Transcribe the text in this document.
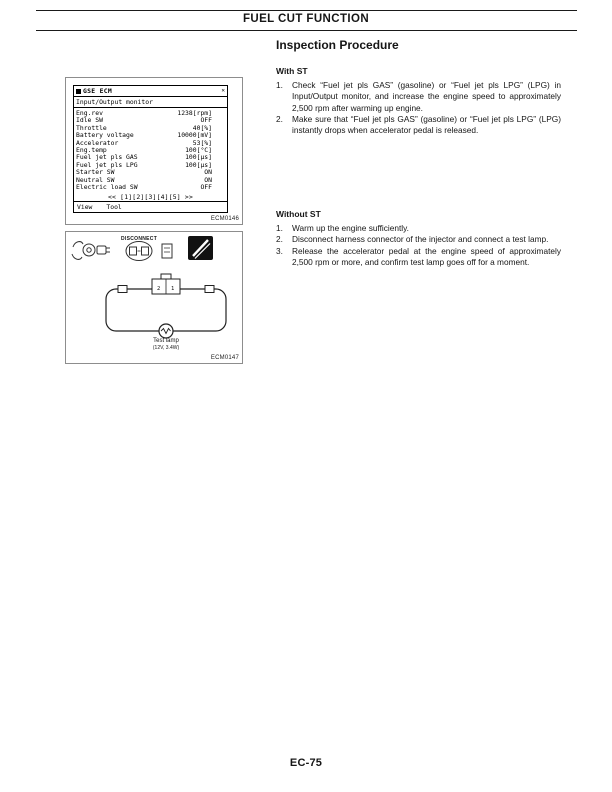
FUEL CUT FUNCTION
GSE ECM	✕
Input/Output monitor
Eng.rev	1238[rpm]
Idle SW	OFF
Throttle	40[%]
Battery voltage	10000[mV]
Accelerator	53[%]
Eng.temp	100[°C]
Fuel jet pls GAS	100[μs]
Fuel jet pls LPG	100[μs]
Starter SW	ON
Neutral SW	ON
Electric load SW	OFF
<< [1][2][3][4][5] >>
View Tool
ECM0146
2 1
DISCONNECT
Test lamp
(12V, 3.4W)
ECM0147
Inspection Procedure
With ST
1. Check “Fuel jet pls GAS” (gasoline) or “Fuel jet pls LPG” (LPG) in Input/Output monitor, and increase the engine speed to approximately 2,500 rpm after warming up engine.
2. Make sure that “Fuel jet pls GAS” (gasoline) or “Fuel jet pls LPG” (LPG) instantly drops when accelerator pedal is released.
Without ST
1. Warm up the engine sufficiently.
2. Disconnect harness connector of the injector and connect a test lamp.
3. Release the accelerator pedal at the engine speed of approximately 2,500 rpm or more, and confirm test lamp goes off for a moment.
EC-75
